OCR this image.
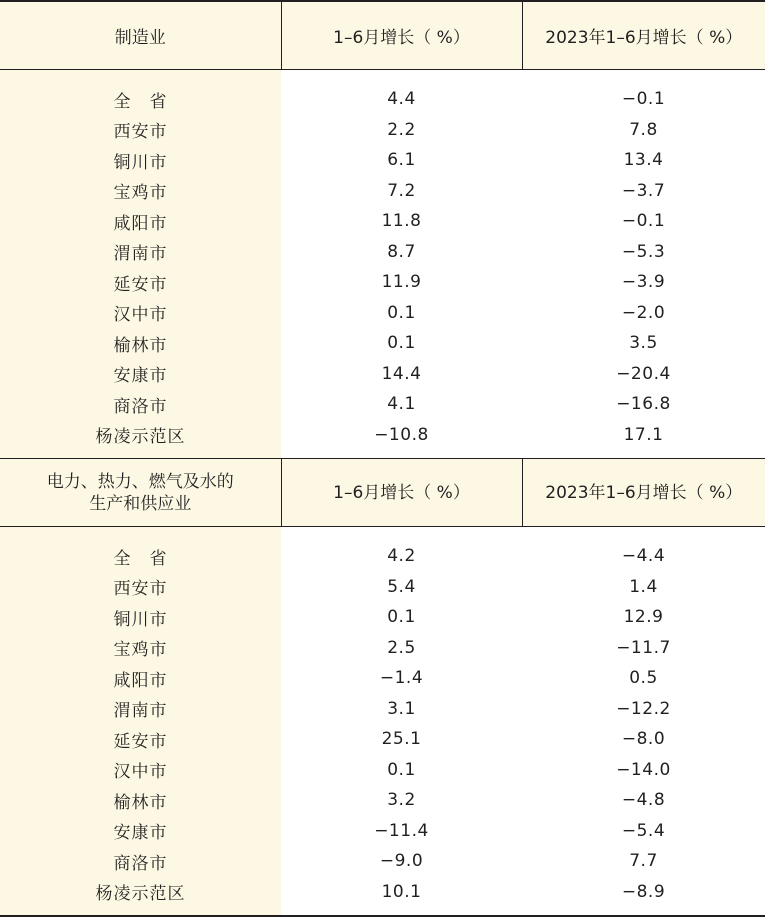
制造业	1–6月增长（ %）	2023年1–6月增长（ %）
全　省	4.4	−0.1
西安市	2.2	7.8
铜川市	6.1	13.4
宝鸡市	7.2	−3.7
咸阳市	11.8	−0.1
渭南市	8.7	−5.3
延安市	11.9	−3.9
汉中市	0.1	−2.0
榆林市	0.1	3.5
安康市	14.4	−20.4
商洛市	4.1	−16.8
杨凌示范区	−10.8	17.1

电力、热力、燃气及水的
生产和供应业	1–6月增长（ %）	2023年1–6月增长（ %）
全　省	4.2	−4.4
西安市	5.4	1.4
铜川市	0.1	12.9
宝鸡市	2.5	−11.7
咸阳市	−1.4	0.5
渭南市	3.1	−12.2
延安市	25.1	−8.0
汉中市	0.1	−14.0
榆林市	3.2	−4.8
安康市	−11.4	−5.4
商洛市	−9.0	7.7
杨凌示范区	10.1	−8.9
